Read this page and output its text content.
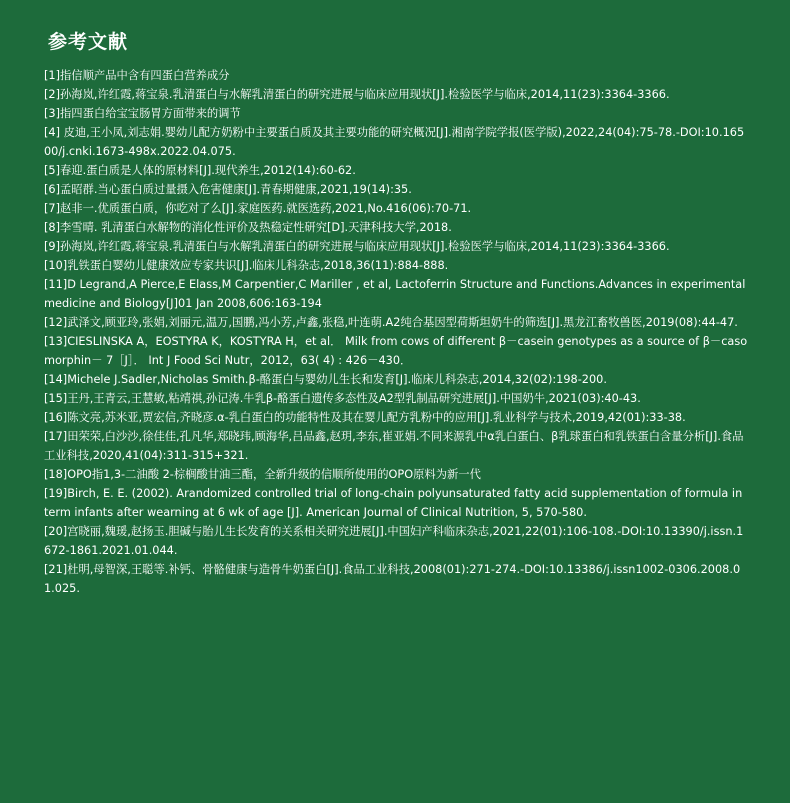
参考文献
[1]指信顺产品中含有四蛋白营养成分
[2]孙海岚,许红霞,蒋宝泉.乳清蛋白与水解乳清蛋白的研究进展与临床应用现状[J].检验医学与临床,2014,11(23):3364-3366.
[3]指四蛋白给宝宝肠胃方面带来的调节
[4] 皮迪,王小凤,刘志娟.婴幼儿配方奶粉中主要蛋白质及其主要功能的研究概况[J].湘南学院学报(医学版),2022,24(04):75-78.-DOI:10.16500/j.cnki.1673-498x.2022.04.075.
[5]春迎.蛋白质是人体的原材料[J].现代养生,2012(14):60-62.
[6]孟昭群.当心蛋白质过量摄入危害健康[J].青春期健康,2021,19(14):35.
[7]赵非一.优质蛋白质，你吃对了么[J].家庭医药.就医选药,2021,No.416(06):70-71.
[8]李雪晴. 乳清蛋白水解物的消化性评价及热稳定性研究[D].天津科技大学,2018.
[9]孙海岚,许红霞,蒋宝泉.乳清蛋白与水解乳清蛋白的研究进展与临床应用现状[J].检验医学与临床,2014,11(23):3364-3366.
[10]乳铁蛋白婴幼儿健康效应专家共识[J].临床儿科杂志,2018,36(11):884-888.
[11]D Legrand,A Pierce,E Elass,M Carpentier,C Mariller , et al, Lactoferrin Structure and Functions.Advances in experimental medicine and Biology[J]01 Jan 2008,606:163-194
[12]武泽文,顾亚玲,张娟,刘丽元,温万,国鹏,冯小芳,卢鑫,张稳,叶连萌.A2纯合基因型荷斯坦奶牛的筛选[J].黑龙江畜牧兽医,2019(08):44-47.
[13]CIESLINSKA A，EOSTYRA K，KOSTYRA H，et al． Milk from cows of different β－casein genotypes as a source of β－casomorphin－ 7［J］． Int J Food Sci Nutr，2012，63( 4) : 426－430．
[14]Michele J.Sadler,Nicholas Smith.β-酪蛋白与婴幼儿生长和发育[J].临床儿科杂志,2014,32(02):198-200.
[15]王丹,王青云,王慧敏,粘靖祺,孙记涛.牛乳β-酪蛋白遗传多态性及A2型乳制品研究进展[J].中国奶牛,2021(03):40-43.
[16]陈文亮,苏米亚,贾宏信,齐晓彦.α-乳白蛋白的功能特性及其在婴儿配方乳粉中的应用[J].乳业科学与技术,2019,42(01):33-38.
[17]田荣荣,白沙沙,徐佳佳,孔凡华,郑晓玮,顾海华,吕品鑫,赵玥,李东,崔亚娟.不同来源乳中α乳白蛋白、β乳球蛋白和乳铁蛋白含量分析[J].食品工业科技,2020,41(04):311-315+321.
[18]OPO指1,3-二油酸 2-棕榈酸甘油三酯，全新升级的信顺所使用的OPO原料为新一代
[19]Birch, E. E. (2002). Arandomized controlled trial of long-chain polyunsaturated fatty acid supplementation of formula in term infants after wearning at 6 wk of age [J]. American Journal of Clinical Nutrition, 5, 570-580.
[20]宫晓丽,魏瑗,赵扬玉.胆碱与胎儿生长发育的关系相关研究进展[J].中国妇产科临床杂志,2021,22(01):106-108.-DOI:10.13390/j.issn.1672-1861.2021.01.044.
[21]杜明,母智深,王聪等.补钙、骨骼健康与造骨牛奶蛋白[J].食品工业科技,2008(01):271-274.-DOI:10.13386/j.issn1002-0306.2008.01.025.
